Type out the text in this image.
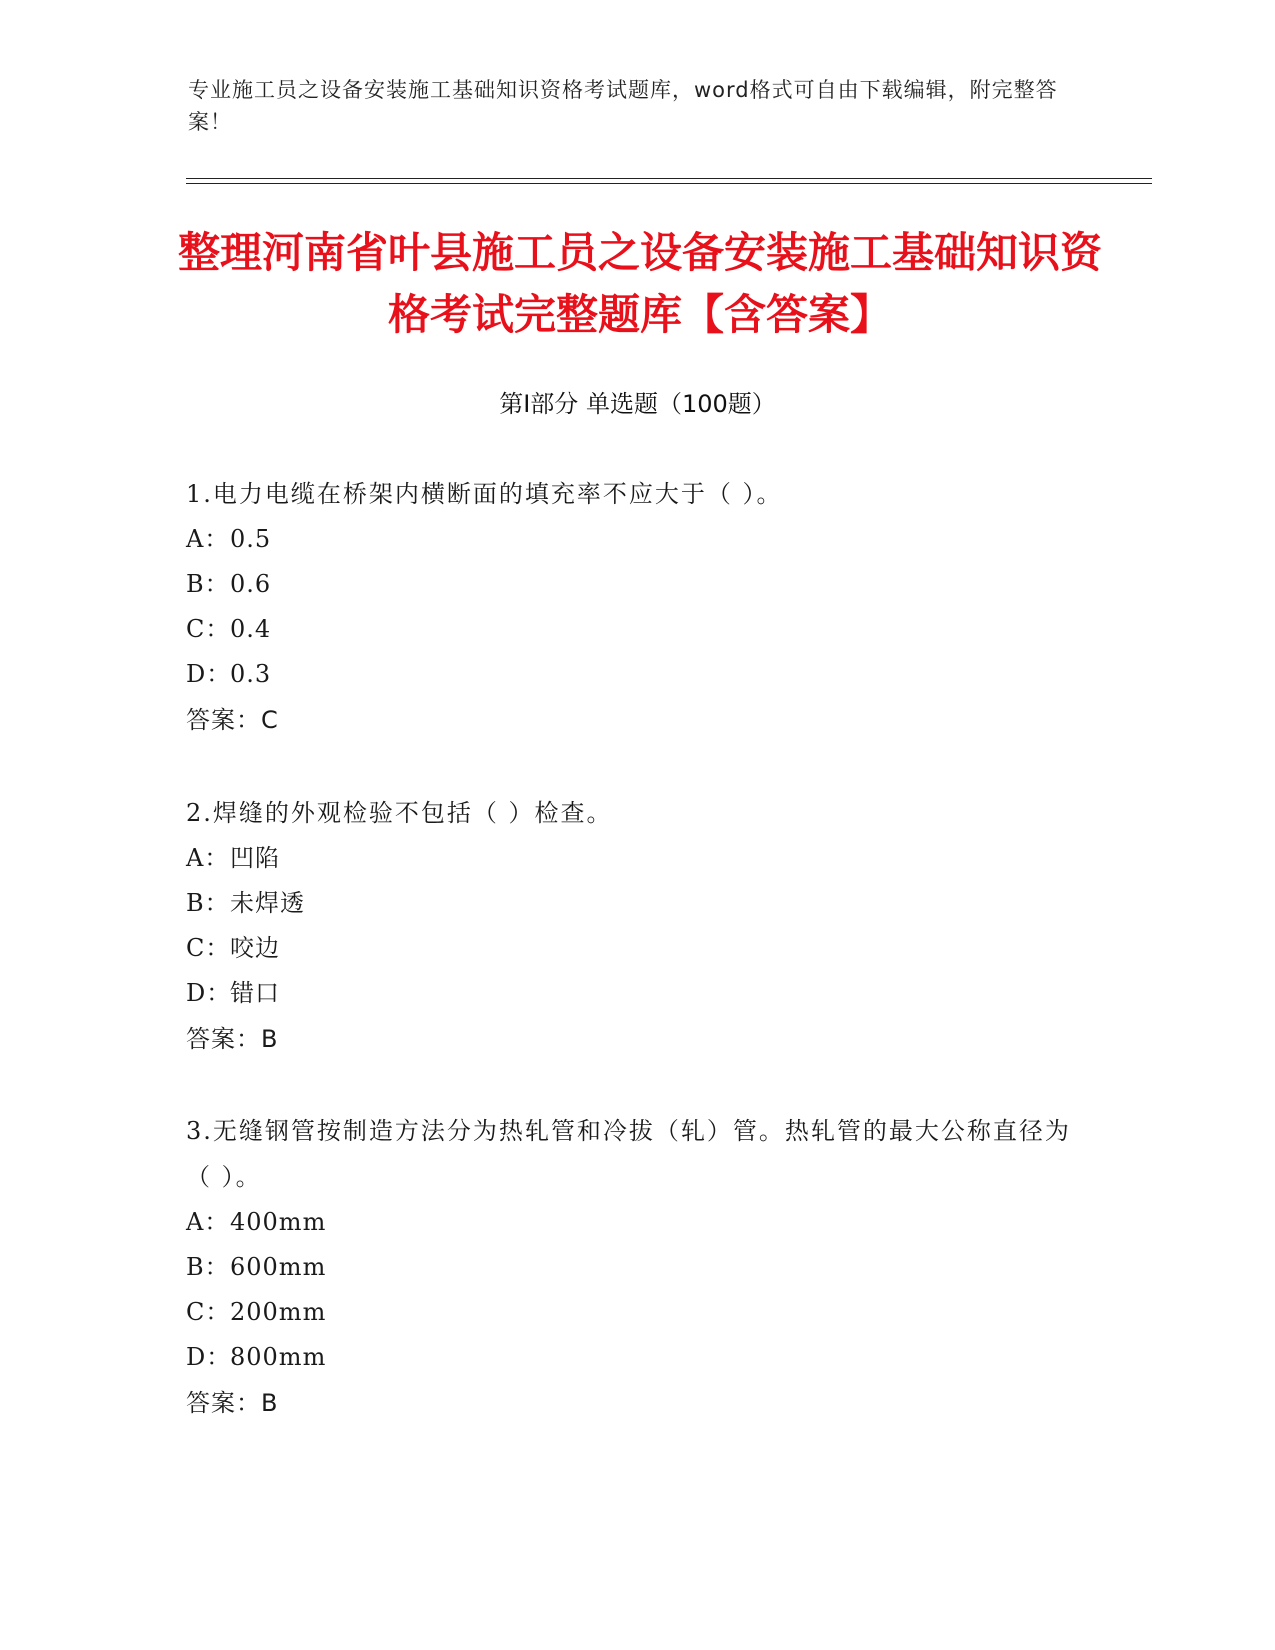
专业施工员之设备安装施工基础知识资格考试题库，word格式可自由下载编辑，附完整答案！
整理河南省叶县施工员之设备安装施工基础知识资格考试完整题库【含答案】
第Ⅰ部分 单选题（100题）
1.电力电缆在桥架内横断面的填充率不应大于（ ）。
A：0.5
B：0.6
C：0.4
D：0.3
答案：C
2.焊缝的外观检验不包括（ ）检查。
A：凹陷
B：未焊透
C：咬边
D：错口
答案：B
3.无缝钢管按制造方法分为热轧管和冷拔（轧）管。热轧管的最大公称直径为（ ）。
A：400mm
B：600mm
C：200mm
D：800mm
答案：B
